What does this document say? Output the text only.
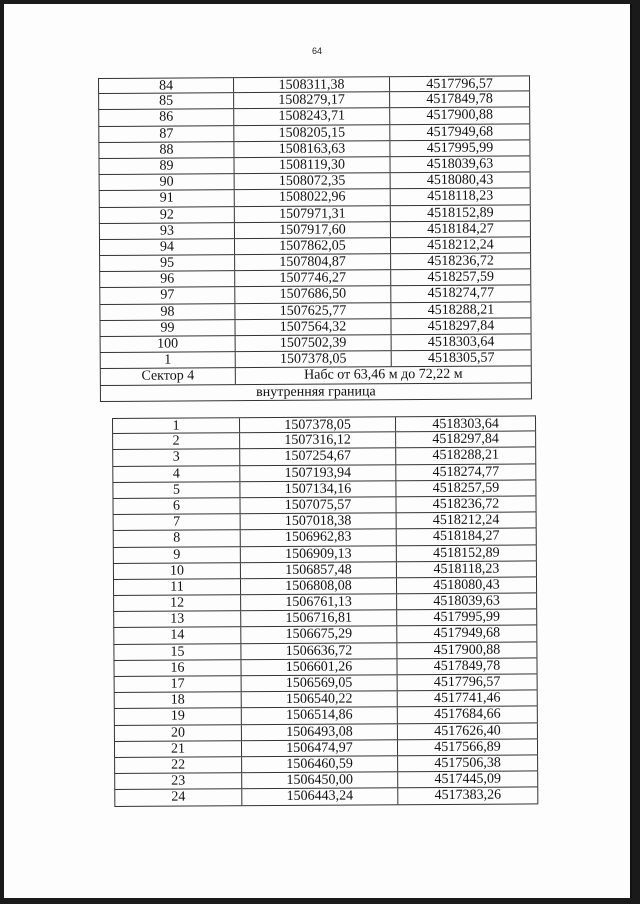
64
84	1508311,38	4517796,57
85	1508279,17	4517849,78
86	1508243,71	4517900,88
87	1508205,15	4517949,68
88	1508163,63	4517995,99
89	1508119,30	4518039,63
90	1508072,35	4518080,43
91	1508022,96	4518118,23
92	1507971,31	4518152,89
93	1507917,60	4518184,27
94	1507862,05	4518212,24
95	1507804,87	4518236,72
96	1507746,27	4518257,59
97	1507686,50	4518274,77
98	1507625,77	4518288,21
99	1507564,32	4518297,84
100	1507502,39	4518303,64
1	1507378,05	4518305,57
Сектор 4	Набс от 63,46 м до 72,22 м
внутренняя граница
1	1507378,05	4518303,64
2	1507316,12	4518297,84
3	1507254,67	4518288,21
4	1507193,94	4518274,77
5	1507134,16	4518257,59
6	1507075,57	4518236,72
7	1507018,38	4518212,24
8	1506962,83	4518184,27
9	1506909,13	4518152,89
10	1506857,48	4518118,23
11	1506808,08	4518080,43
12	1506761,13	4518039,63
13	1506716,81	4517995,99
14	1506675,29	4517949,68
15	1506636,72	4517900,88
16	1506601,26	4517849,78
17	1506569,05	4517796,57
18	1506540,22	4517741,46
19	1506514,86	4517684,66
20	1506493,08	4517626,40
21	1506474,97	4517566,89
22	1506460,59	4517506,38
23	1506450,00	4517445,09
24	1506443,24	4517383,26
